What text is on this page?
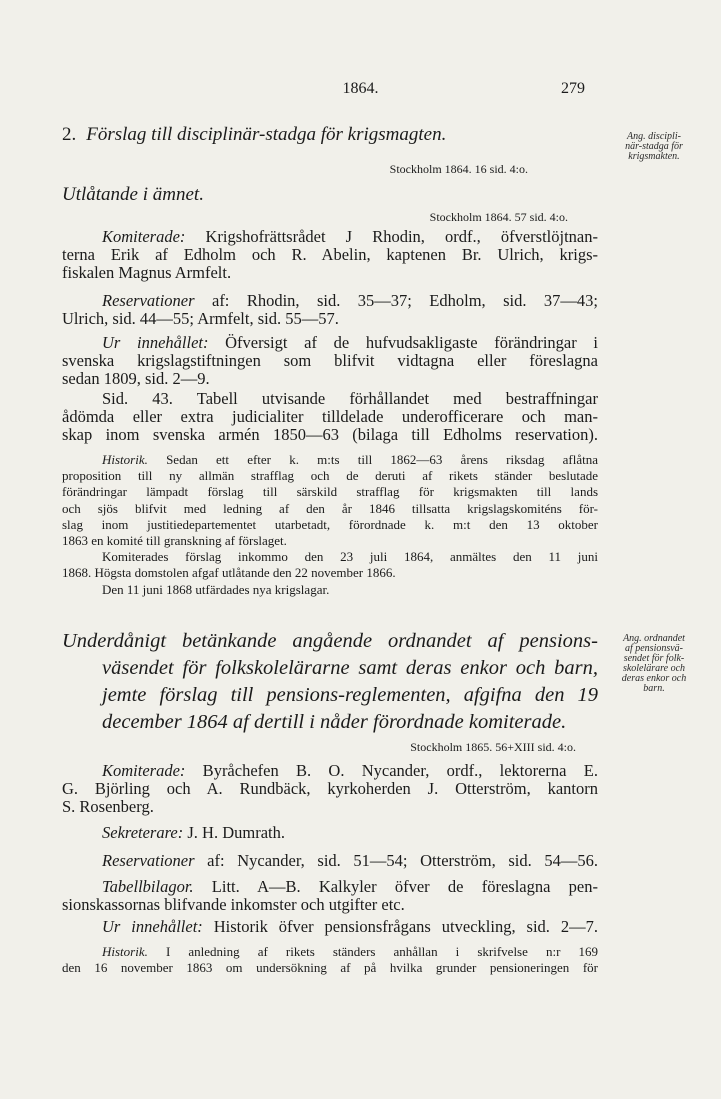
1864.	279
2. Förslag till disciplinär-stadga för krigsmagten.	Ang. discipli-
när-stadga för
krigsmakten.
Stockholm 1864. 16 sid. 4:o.
Utlåtande i ämnet.
Stockholm 1864. 57 sid. 4:o.
Komiterade: Krigshofrättsrådet J Rhodin, ordf., öfverstlöjtnan-
terna Erik af Edholm och R. Abelin, kaptenen Br. Ulrich, krigs-
fiskalen Magnus Armfelt.
Reservationer af: Rhodin, sid. 35—37; Edholm, sid. 37—43;
Ulrich, sid. 44—55; Armfelt, sid. 55—57.
Ur innehållet: Öfversigt af de hufvudsakligaste förändringar i
svenska krigslagstiftningen som blifvit vidtagna eller föreslagna
sedan 1809, sid. 2—9.
Sid. 43. Tabell utvisande förhållandet med bestraffningar
ådömda eller extra judicialiter tilldelade underofficerare och man-
skap inom svenska armén 1850—63 (bilaga till Edholms reservation).
Historik. Sedan ett efter k. m:ts till 1862—63 årens riksdag aflåtna
proposition till ny allmän strafflag och de deruti af rikets ständer beslutade
förändringar lämpadt förslag till särskild strafflag för krigsmakten till lands
och sjös blifvit med ledning af den år 1846 tillsatta krigslagskomiténs för-
slag inom justitiedepartementet utarbetadt, förordnade k. m:t den 13 oktober
1863 en komité till granskning af förslaget.
Komiterades förslag inkommo den 23 juli 1864, anmältes den 11 juni
1868. Högsta domstolen afgaf utlåtande den 22 november 1866.
Den 11 juni 1868 utfärdades nya krigslagar.
Underdånigt betänkande angående ordnandet af pensions-
väsendet för folkskolelärarne samt deras enkor och barn,
jemte förslag till pensions-reglementen, afgifna den 19
december 1864 af dertill i nåder förordnade komiterade.
Ang. ordnandet
af pensionsvä-
sendet för folk-
skolelärare och
deras enkor och
barn.
Stockholm 1865. 56+XIII sid. 4:o.
Komiterade: Byråchefen B. O. Nycander, ordf., lektorerna E.
G. Björling och A. Rundbäck, kyrkoherden J. Otterström, kantorn
S. Rosenberg.
Sekreterare: J. H. Dumrath.
Reservationer af: Nycander, sid. 51—54; Otterström, sid. 54—56.
Tabellbilagor. Litt. A—B. Kalkyler öfver de föreslagna pen-
sionskassornas blifvande inkomster och utgifter etc.
Ur innehållet: Historik öfver pensionsfrågans utveckling, sid. 2—7.
Historik. I anledning af rikets ständers anhållan i skrifvelse n:r 169
den 16 november 1863 om undersökning af på hvilka grunder pensioneringen för
